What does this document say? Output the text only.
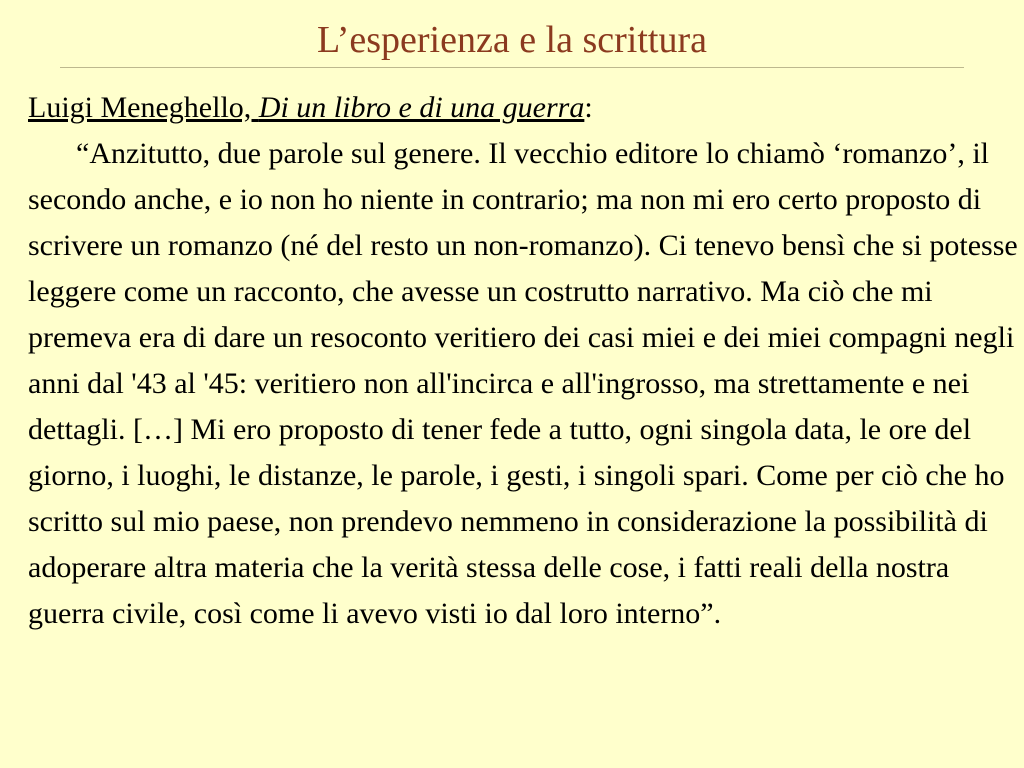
L’esperienza e la scrittura
Luigi Meneghello, Di un libro e di una guerra:

“Anzitutto, due parole sul genere. Il vecchio editore lo chiamò ‘romanzo’, il secondo anche, e io non ho niente in contrario; ma non mi ero certo proposto di scrivere un romanzo (né del resto un non-romanzo). Ci tenevo bensì che si potesse leggere come un racconto, che avesse un costrutto narrativo. Ma ciò che mi premeva era di dare un resoconto veritiero dei casi miei e dei miei compagni negli anni dal '43 al '45: veritiero non all'incirca e all'ingrosso, ma strettamente e nei dettagli. […] Mi ero proposto di tener fede a tutto, ogni singola data, le ore del giorno, i luoghi, le distanze, le parole, i gesti, i singoli spari. Come per ciò che ho scritto sul mio paese, non prendevo nemmeno in considerazione la possibilità di adoperare altra materia che la verità stessa delle cose, i fatti reali della nostra guerra civile, così come li avevo visti io dal loro interno”.
